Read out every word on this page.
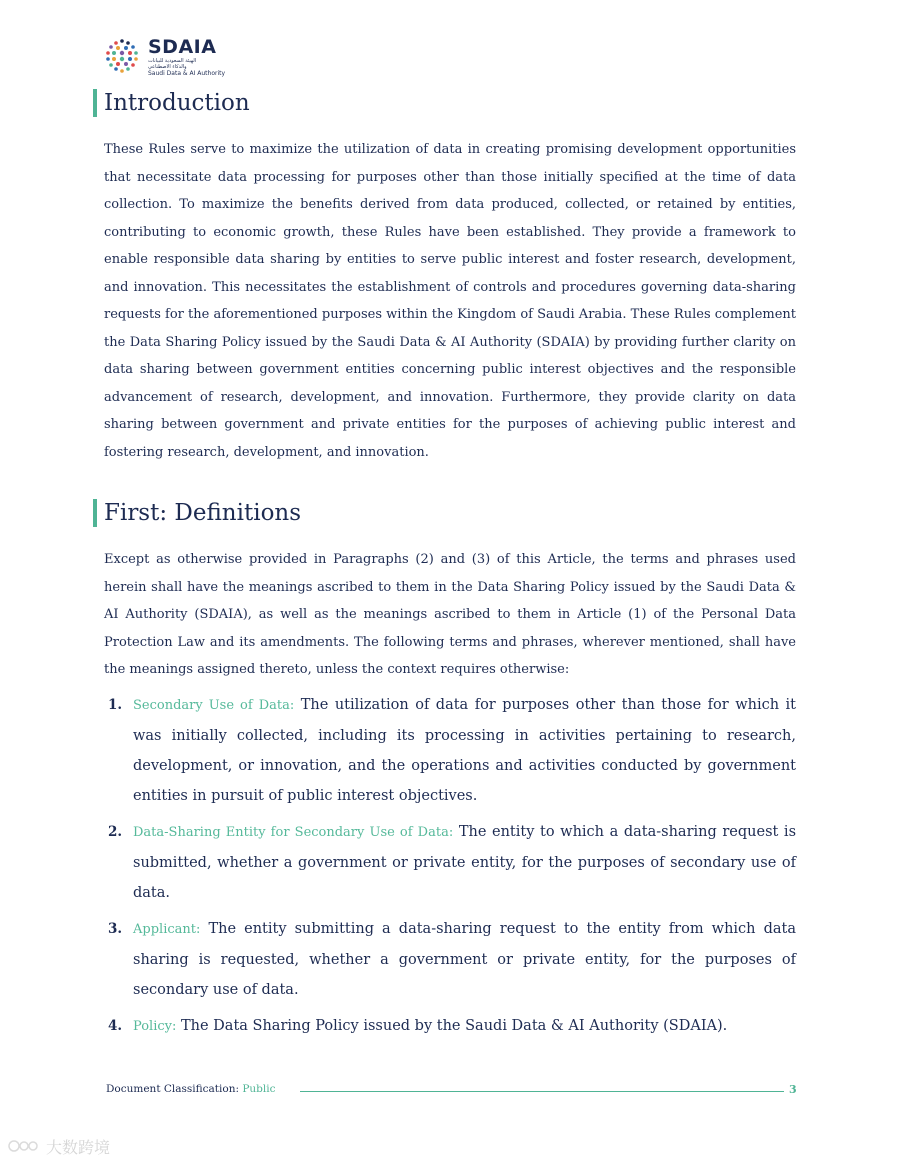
SDAIA
الهيئة السعودية للبيانات
والذكاء الاصطناعي
Saudi Data & AI Authority
Introduction

These Rules serve to maximize the utilization of data in creating promising development opportunities that necessitate data processing for purposes other than those initially specified at the time of data collection. To maximize the benefits derived from data produced, collected, or retained by entities, contributing to economic growth, these Rules have been established. They provide a framework to enable responsible data sharing by entities to serve public interest and foster research, development, and innovation. This necessitates the establishment of controls and procedures governing data-sharing requests for the aforementioned purposes within the Kingdom of Saudi Arabia. These Rules complement the Data Sharing Policy issued by the Saudi Data & AI Authority (SDAIA) by providing further clarity on data sharing between government entities concerning public interest objectives and the responsible advancement of research, development, and innovation. Furthermore, they provide clarity on data sharing between government and private entities for the purposes of achieving public interest and fostering research, development, and innovation.

First: Definitions

Except as otherwise provided in Paragraphs (2) and (3) of this Article, the terms and phrases used herein shall have the meanings ascribed to them in the Data Sharing Policy issued by the Saudi Data & AI Authority (SDAIA), as well as the meanings ascribed to them in Article (1) of the Personal Data Protection Law and its amendments. The following terms and phrases, wherever mentioned, shall have the meanings assigned thereto, unless the context requires otherwise:

1. Secondary Use of Data: The utilization of data for purposes other than those for which it was initially collected, including its processing in activities pertaining to research, development, or innovation, and the operations and activities conducted by government entities in pursuit of public interest objectives.
2. Data-Sharing Entity for Secondary Use of Data: The entity to which a data-sharing request is submitted, whether a government or private entity, for the purposes of secondary use of data.
3. Applicant: The entity submitting a data-sharing request to the entity from which data sharing is requested, whether a government or private entity, for the purposes of secondary use of data.
4. Policy: The Data Sharing Policy issued by the Saudi Data & AI Authority (SDAIA).
Document Classification: Public	3
大数跨境
